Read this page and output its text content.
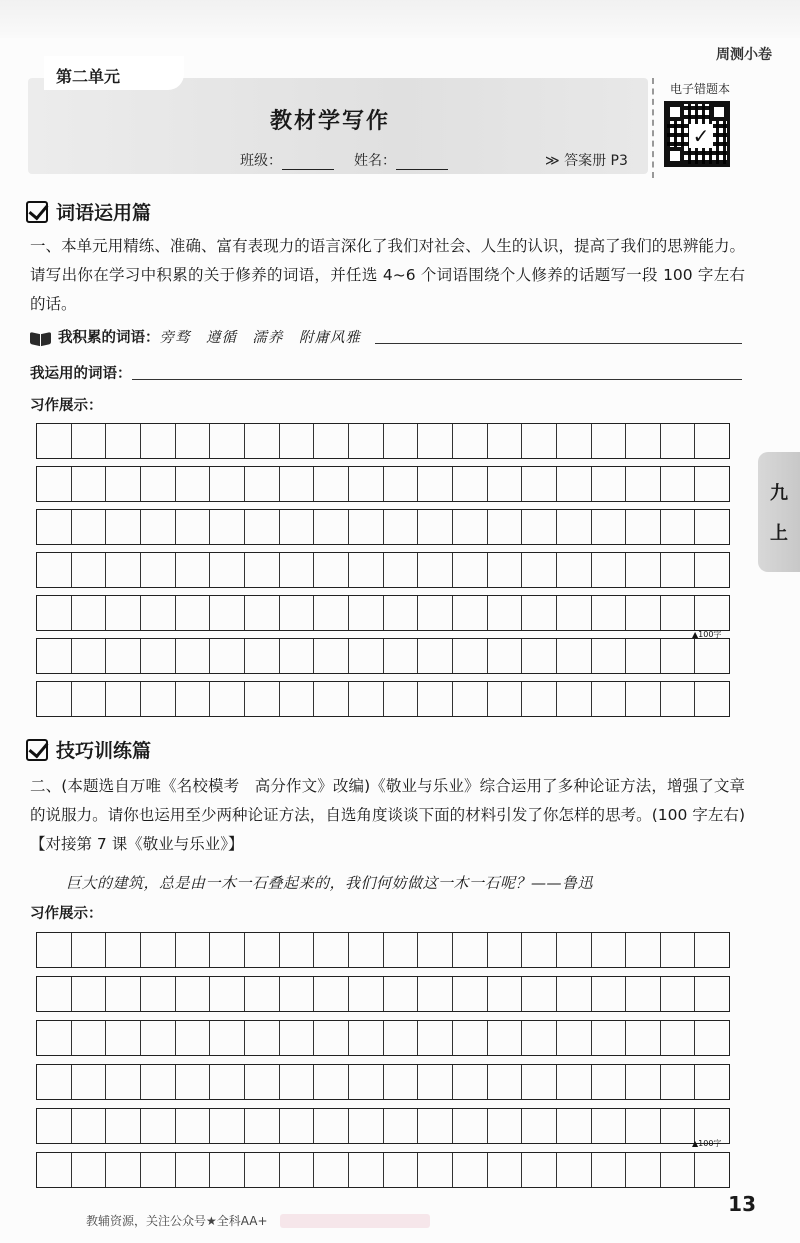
第二单元
周测小卷
教材学写作
班级：	姓名：	≫ 答案册 P3
电子错题本
✓
九
上
词语运用篇
一、本单元用精练、准确、富有表现力的语言深化了我们对社会、人生的认识，提高了我们的思辨能力。请写出你在学习中积累的关于修养的词语，并任选 4~6 个词语围绕个人修养的话题写一段 100 字左右的话。
我积累的词语： 旁骛　遵循　濡养　附庸风雅
我运用的词语：
习作展示：
▲100字
技巧训练篇
二、(本题选自万唯《名校模考　高分作文》改编)《敬业与乐业》综合运用了多种论证方法，增强了文章的说服力。请你也运用至少两种论证方法，自选角度谈谈下面的材料引发了你怎样的思考。(100 字左右)【对接第 7 课《敬业与乐业》】
巨大的建筑，总是由一木一石叠起来的，我们何妨做这一木一石呢？——鲁迅
习作展示：
▲100字
13
教辅资源，关注公众号★全科AA+
